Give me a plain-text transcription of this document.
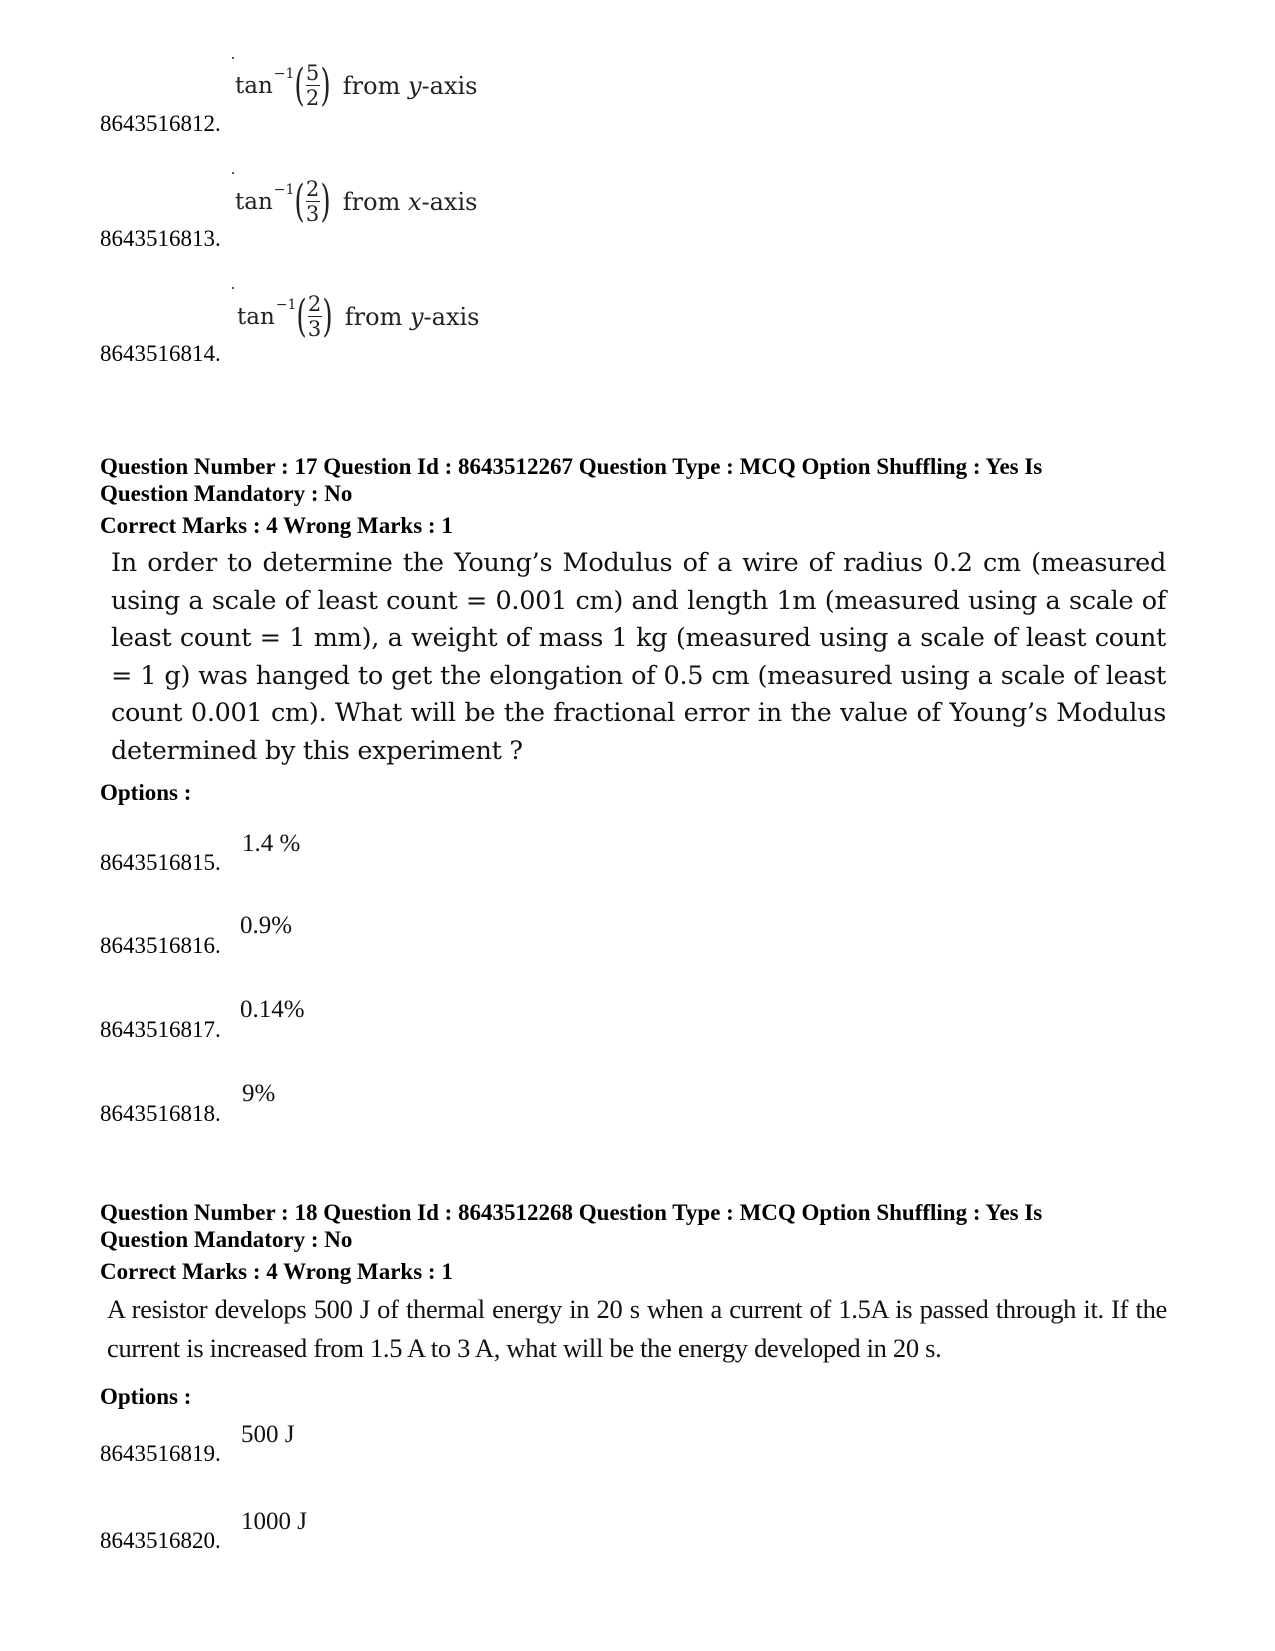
tan −1 ( $\frac{5}{2}$ ) from y-axis
8643516812.
tan −1 ( $\frac{2}{3}$ ) from x-axis
8643516813.
tan −1 ( $\frac{2}{3}$ ) from y-axis
8643516814.
Question Number : 17 Question Id : 8643512267 Question Type : MCQ Option Shuffling : Yes Is
Question Mandatory : No
Correct Marks : 4 Wrong Marks : 1
In order to determine the Young’s Modulus of a wire of radius 0.2 cm (measured using a scale of least count = 0.001 cm) and length 1m (measured using a scale of least count = 1 mm), a weight of mass 1 kg (measured using a scale of least count = 1 g) was hanged to get the elongation of 0.5 cm (measured using a scale of least count 0.001 cm). What will be the fractional error in the value of Young’s Modulus determined by this experiment ?
Options :
8643516815.
1.4 %
8643516816.
0.9%
8643516817.
0.14%
8643516818.
9%
Question Number : 18 Question Id : 8643512268 Question Type : MCQ Option Shuffling : Yes Is
Question Mandatory : No
Correct Marks : 4 Wrong Marks : 1
A resistor develops 500 J of thermal energy in 20 s when a current of 1.5A is passed through it. If the current is increased from 1.5 A to 3 A, what will be the energy developed in 20 s.
Options :
8643516819.
500 J
8643516820.
1000 J
